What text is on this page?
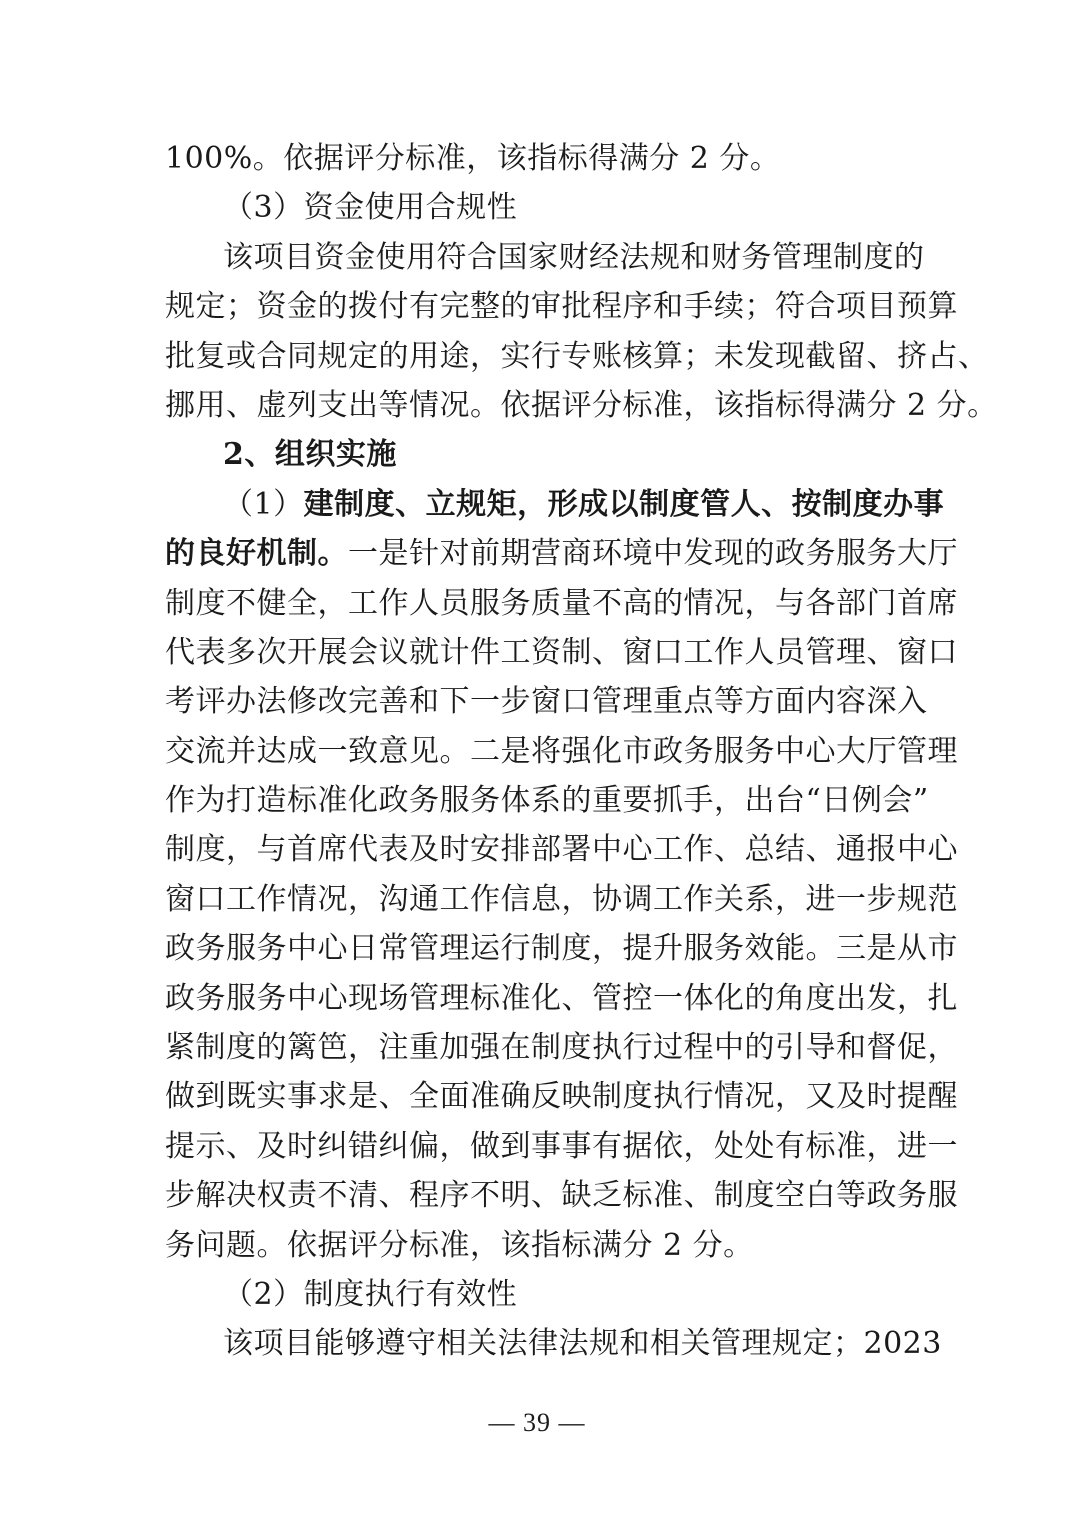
100%。依据评分标准，该指标得满分 2 分。
（3）资金使用合规性
该项目资金使用符合国家财经法规和财务管理制度的
规定；资金的拨付有完整的审批程序和手续；符合项目预算
批复或合同规定的用途，实行专账核算；未发现截留、挤占、
挪用、虚列支出等情况。依据评分标准，该指标得满分 2 分。
2、组织实施
（1）建制度、立规矩，形成以制度管人、按制度办事
的良好机制。一是针对前期营商环境中发现的政务服务大厅
制度不健全，工作人员服务质量不高的情况，与各部门首席
代表多次开展会议就计件工资制、窗口工作人员管理、窗口
考评办法修改完善和下一步窗口管理重点等方面内容深入
交流并达成一致意见。二是将强化市政务服务中心大厅管理
作为打造标准化政务服务体系的重要抓手，出台“日例会”
制度，与首席代表及时安排部署中心工作、总结、通报中心
窗口工作情况，沟通工作信息，协调工作关系，进一步规范
政务服务中心日常管理运行制度，提升服务效能。三是从市
政务服务中心现场管理标准化、管控一体化的角度出发，扎
紧制度的篱笆，注重加强在制度执行过程中的引导和督促，
做到既实事求是、全面准确反映制度执行情况，又及时提醒
提示、及时纠错纠偏，做到事事有据依，处处有标准，进一
步解决权责不清、程序不明、缺乏标准、制度空白等政务服
务问题。依据评分标准，该指标满分 2 分。
（2）制度执行有效性
该项目能够遵守相关法律法规和相关管理规定；2023
— 39 —
